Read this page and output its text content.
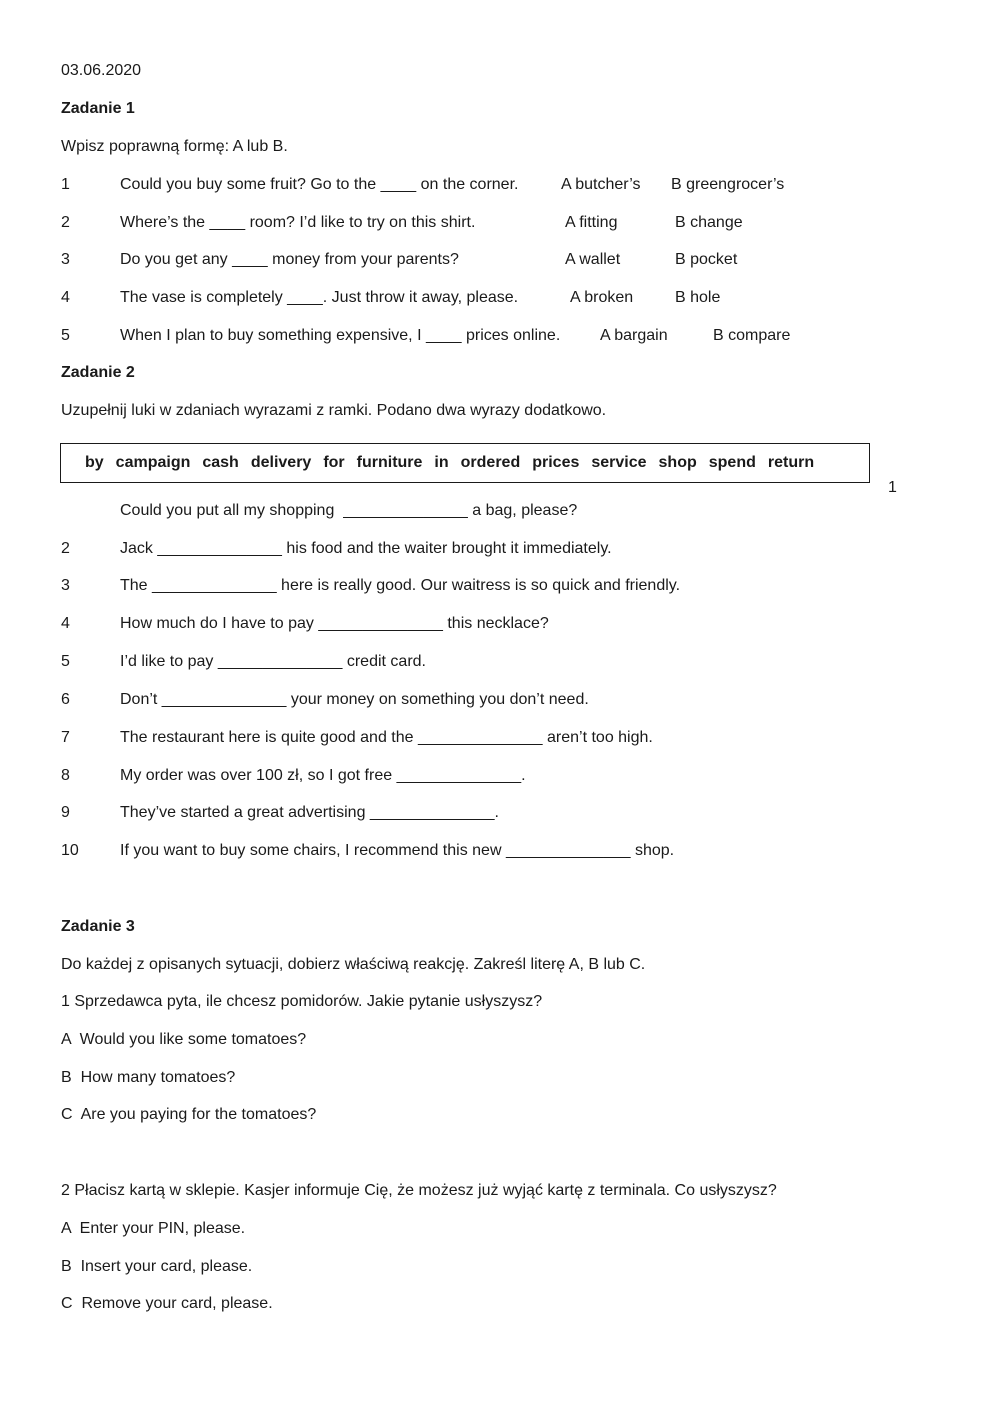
03.06.2020
Zadanie 1
Wpisz poprawną formę: A lub B.
1	Could you buy some fruit? Go to the ____ on the corner.	A butcher’s B greengrocer’s
2	Where’s the ____ room? I’d like to try on this shirt.	A fitting	B change
3	Do you get any ____ money from your parents?	A wallet	B pocket
4	The vase is completely ____. Just throw it away, please.	A broken	B hole
5	When I plan to buy something expensive, I ____ prices online. A bargain	B compare
Zadanie 2
Uzupełnij luki w zdaniach wyrazami z ramki. Podano dwa wyrazy dodatkowo.
by campaign cash delivery for furniture in ordered prices service shop spend return
1
Could you put all my shopping  ______________ a bag, please?
2	Jack ______________ his food and the waiter brought it immediately.
3	The ______________ here is really good. Our waitress is so quick and friendly.
4	How much do I have to pay ______________ this necklace?
5	I’d like to pay ______________ credit card.
6	Don’t ______________ your money on something you don’t need.
7	The restaurant here is quite good and the ______________ aren’t too high.
8	My order was over 100 zł, so I got free ______________.
9	They’ve started a great advertising ______________.
10	If you want to buy some chairs, I recommend this new ______________ shop.
Zadanie 3
Do każdej z opisanych sytuacji, dobierz właściwą reakcję. Zakreśl literę A, B lub C.
1 Sprzedawca pyta, ile chcesz pomidorów. Jakie pytanie usłyszysz?
A  Would you like some tomatoes?
B  How many tomatoes?
C  Are you paying for the tomatoes?
2 Płacisz kartą w sklepie. Kasjer informuje Cię, że możesz już wyjąć kartę z terminala. Co usłyszysz?
A  Enter your PIN, please.
B  Insert your card, please.
C  Remove your card, please.
